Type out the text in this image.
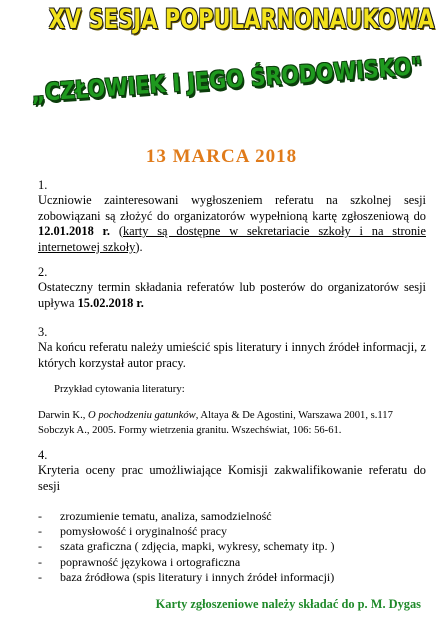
XV SESJA POPULARNONAUKOWA
„CZŁOWIEK I JEGO ŚRODOWISKO"
13 MARCA 2018
1.
Uczniowie zainteresowani wygłoszeniem referatu na szkolnej sesji zobowiązani są złożyć do organizatorów wypełnioną kartę zgłoszeniową do 12.01.2018 r. (karty są dostępne w sekretariacie szkoły i na stronie internetowej szkoły).
2.
Ostateczny termin składania referatów lub posterów do organizatorów sesji upływa 15.02.2018 r.
3.
Na końcu referatu należy umieścić spis literatury i innych źródeł informacji, z których korzystał autor pracy.
Przykład cytowania literatury:
Darwin K., O pochodzeniu gatunków, Altaya & De Agostini, Warszawa 2001, s.117
Sobczyk A., 2005. Formy wietrzenia granitu. Wszechświat, 106: 56-61.
4.
Kryteria oceny prac umożliwiające Komisji zakwalifikowanie referatu do sesji
- zrozumienie tematu, analiza, samodzielność
- pomysłowość i oryginalność pracy
- szata graficzna ( zdjęcia, mapki, wykresy, schematy itp. )
- poprawność językowa i ortograficzna
- baza źródłowa (spis literatury i innych źródeł informacji)
Karty zgłoszeniowe należy składać do p. M. Dygas
